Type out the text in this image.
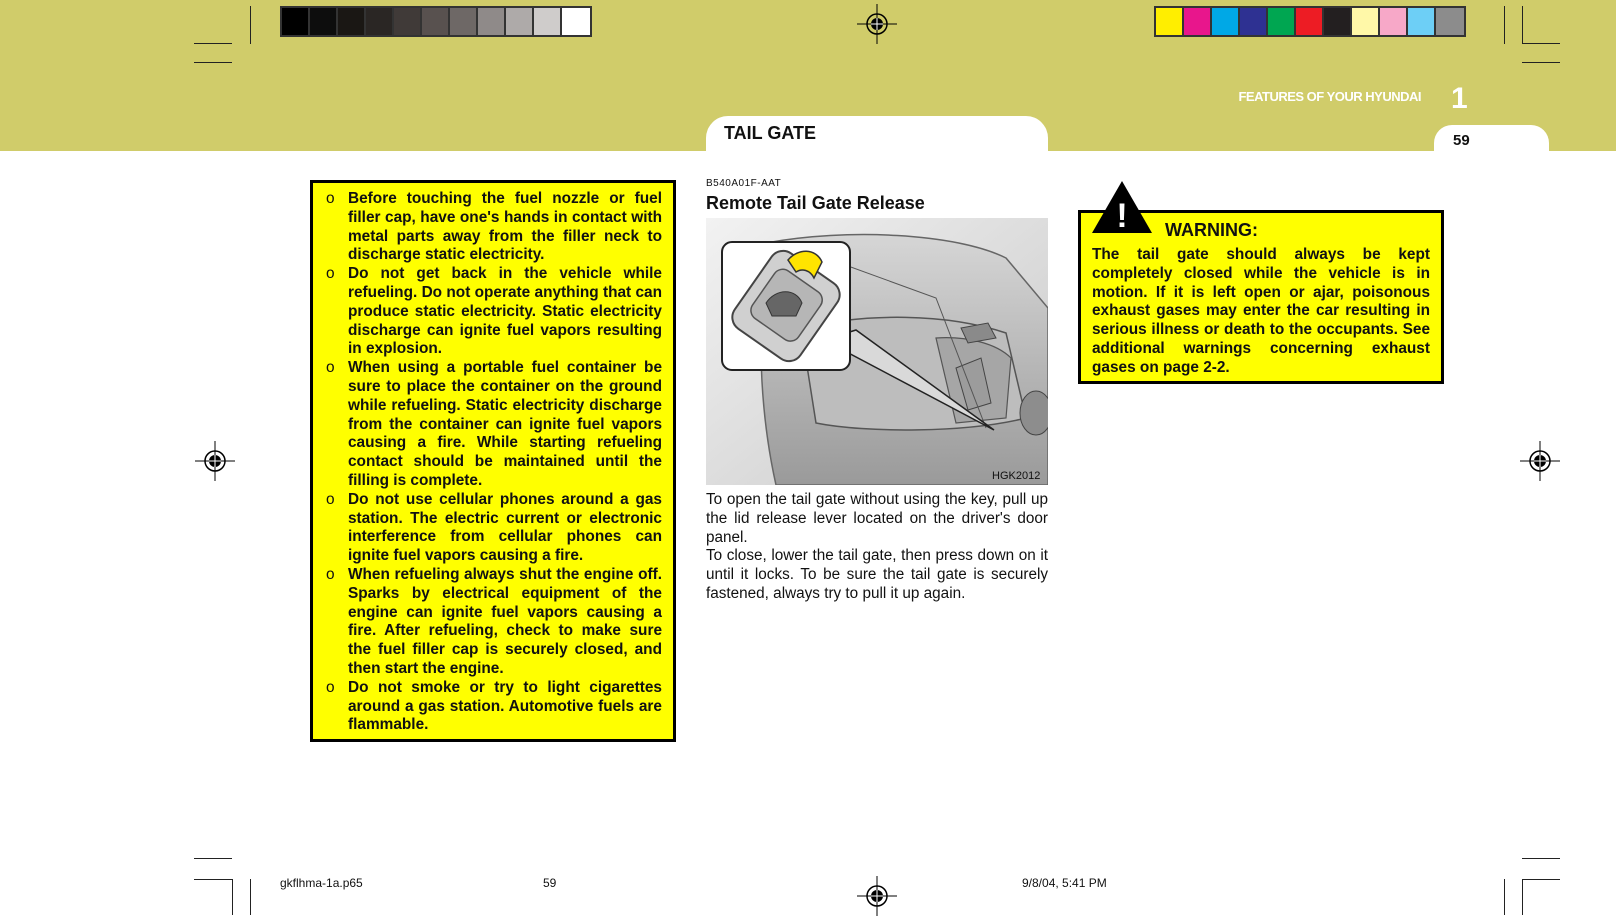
FEATURES OF YOUR HYUNDAI 1
TAIL GATE	59
o Before touching the fuel nozzle or fuel filler cap, have one's hands in contact with metal parts away from the filler neck to discharge static electricity.
o Do not get back in the vehicle while refueling. Do not operate anything that can produce static electricity. Static electricity discharge can ignite fuel vapors resulting in explosion.
o When using a portable fuel container be sure to place the container on the ground while refueling. Static electricity discharge from the container can ignite fuel vapors causing a fire. While starting refueling contact should be maintained until the filling is complete.
o Do not use cellular phones around a gas station. The electric current or electronic interference from cellular phones can ignite fuel vapors causing a fire.
o When refueling always shut the engine off. Sparks by electrical equipment of the engine can ignite fuel vapors causing a fire. After refueling, check to make sure the fuel filler cap is securely closed, and then start the engine.
o Do not smoke or try to light cigarettes around a gas station. Automotive fuels are flammable.
B540A01F-AAT
Remote Tail Gate Release
HGK2012

To open the tail gate without using the key, pull up the lid release lever located on the driver's door panel.

To close, lower the tail gate, then press down on it until it locks. To be sure the tail gate is securely fastened, always try to pull it up again.

The tail gate should always be kept completely closed while the vehicle is in motion. If it is left open or ajar, poisonous exhaust gases may enter the car resulting in serious illness or death to the occupants. See additional warnings concerning exhaust gases on page 2-2.
! WARNING:
gkflhma-1a.p65	59	9/8/04, 5:41 PM
